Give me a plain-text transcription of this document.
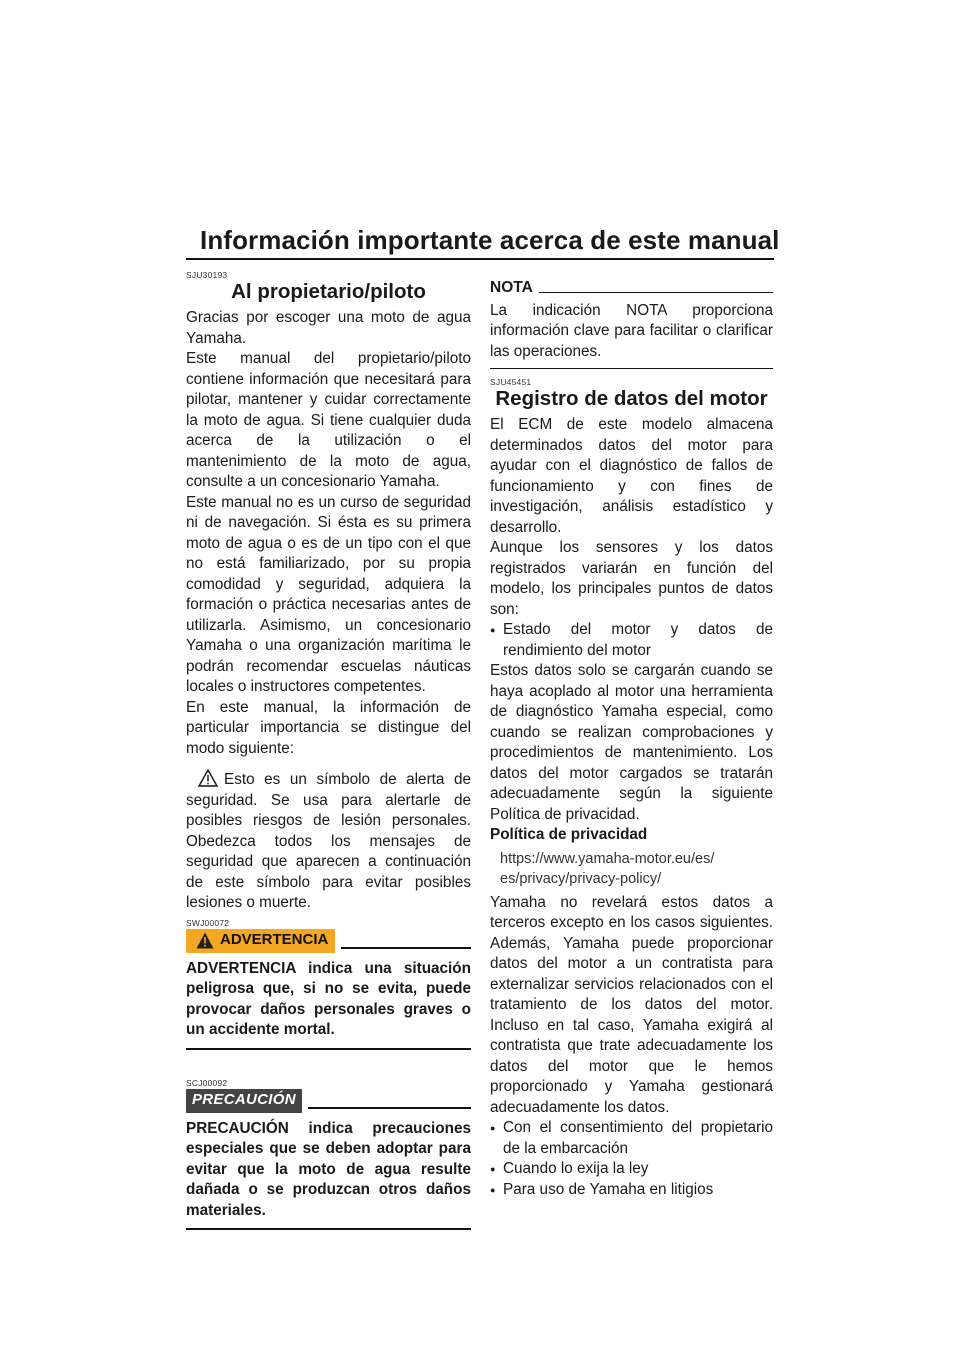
Información importante acerca de este manual
SJU30193
Al propietario/piloto

Gracias por escoger una moto de agua Yamaha.

Este manual del propietario/piloto contiene información que necesitará para pilotar, mantener y cuidar correctamente la moto de agua. Si tiene cualquier duda acerca de la utilización o el mantenimiento de la moto de agua, consulte a un concesionario Yamaha.

Este manual no es un curso de seguridad ni de navegación. Si ésta es su primera moto de agua o es de un tipo con el que no está familiarizado, por su propia comodidad y seguridad, adquiera la formación o práctica necesarias antes de utilizarla. Asimismo, un concesionario Yamaha o una organización marítima le podrán recomendar escuelas náuticas locales o instructores competentes.

En este manual, la información de particular importancia se distingue del modo siguiente:

Esto es un símbolo de alerta de seguridad. Se usa para alertarle de posibles riesgos de lesión personales. Obedezca todos los mensajes de seguridad que aparecen a continuación de este símbolo para evitar posibles lesiones o muerte.

SWJ00072
ADVERTENCIA

ADVERTENCIA indica una situación peligrosa que, si no se evita, puede provocar daños personales graves o un accidente mortal.

SCJ00092
PRECAUCIÓN

PRECAUCIÓN indica precauciones especiales que se deben adoptar para evitar que la moto de agua resulte dañada o se produzcan otros daños materiales.

NOTA

La indicación NOTA proporciona información clave para facilitar o clarificar las operaciones.

SJU45451
Registro de datos del motor

El ECM de este modelo almacena determinados datos del motor para ayudar con el diagnóstico de fallos de funcionamiento y con fines de investigación, análisis estadístico y desarrollo.

Aunque los sensores y los datos registrados variarán en función del modelo, los principales puntos de datos son:

● Estado del motor y datos de rendimiento del motor

Estos datos solo se cargarán cuando se haya acoplado al motor una herramienta de diagnóstico Yamaha especial, como cuando se realizan comprobaciones y procedimientos de mantenimiento. Los datos del motor cargados se tratarán adecuadamente según la siguiente Política de privacidad.

Política de privacidad

https://www.yamaha-motor.eu/es/
es/privacy/privacy-policy/

Yamaha no revelará estos datos a terceros excepto en los casos siguientes. Además, Yamaha puede proporcionar datos del motor a un contratista para externalizar servicios relacionados con el tratamiento de los datos del motor. Incluso en tal caso, Yamaha exigirá al contratista que trate adecuadamente los datos del motor que le hemos proporcionado y Yamaha gestionará adecuadamente los datos.

● Con el consentimiento del propietario de la embarcación
● Cuando lo exija la ley
● Para uso de Yamaha en litigios
